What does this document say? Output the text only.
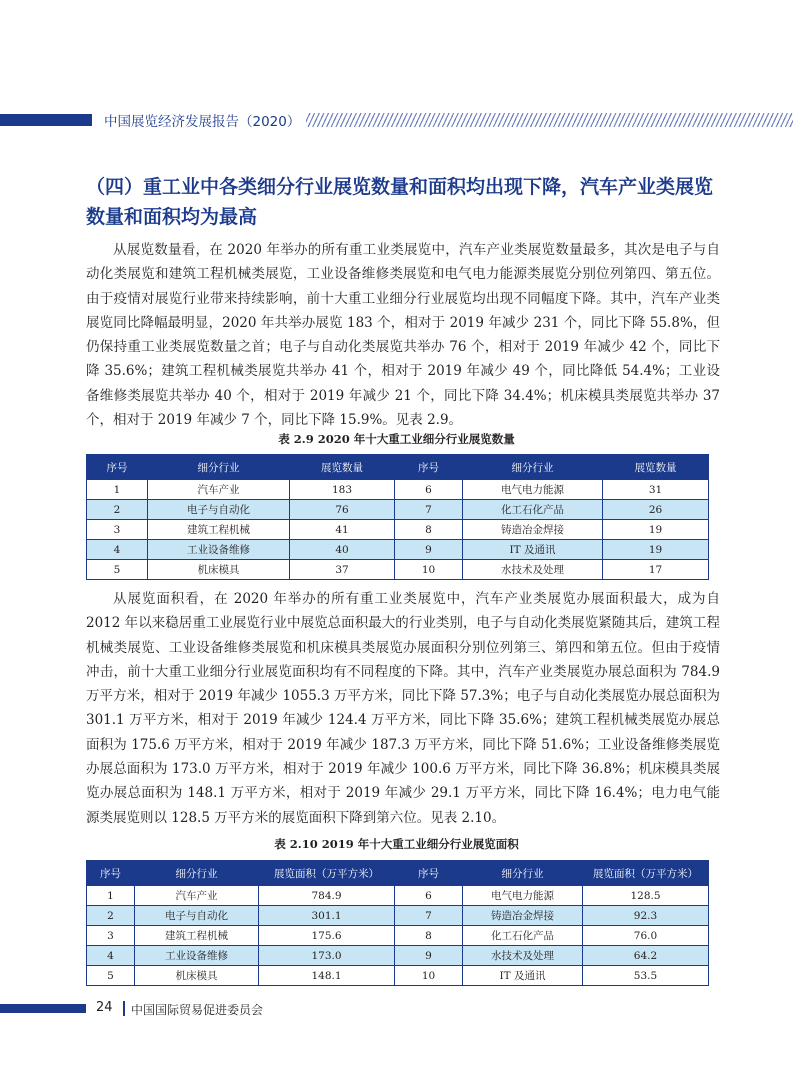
中国展览经济发展报告（2020）
（四）重工业中各类细分行业展览数量和面积均出现下降，汽车产业类展览数量和面积均为最高

从展览数量看，在 2020 年举办的所有重工业类展览中，汽车产业类展览数量最多，其次是电子与自动化类展览和建筑工程机械类展览，工业设备维修类展览和电气电力能源类展览分别位列第四、第五位。由于疫情对展览行业带来持续影响，前十大重工业细分行业展览均出现不同幅度下降。其中，汽车产业类展览同比降幅最明显，2020 年共举办展览 183 个，相对于 2019 年减少 231 个，同比下降 55.8%，但仍保持重工业类展览数量之首；电子与自动化类展览共举办 76 个，相对于 2019 年减少 42 个，同比下降 35.6%；建筑工程机械类展览共举办 41 个，相对于 2019 年减少 49 个，同比降低 54.4%；工业设备维修类展览共举办 40 个，相对于 2019 年减少 21 个，同比下降 34.4%；机床模具类展览共举办 37 个，相对于 2019 年减少 7 个，同比下降 15.9%。见表 2.9。

表 2.9 2020 年十大重工业细分行业展览数量
序号	细分行业	展览数量	序号	细分行业	展览数量
1	汽车产业	183	6	电气电力能源	31
2	电子与自动化	76	7	化工石化产品	26
3	建筑工程机械	41	8	铸造冶金焊接	19
4	工业设备维修	40	9	IT 及通讯	19
5	机床模具	37	10	水技术及处理	17

从展览面积看，在 2020 年举办的所有重工业类展览中，汽车产业类展览办展面积最大，成为自 2012 年以来稳居重工业展览行业中展览总面积最大的行业类别，电子与自动化类展览紧随其后，建筑工程机械类展览、工业设备维修类展览和机床模具类展览办展面积分别位列第三、第四和第五位。但由于疫情冲击，前十大重工业细分行业展览面积均有不同程度的下降。其中，汽车产业类展览办展总面积为 784.9 万平方米，相对于 2019 年减少 1055.3 万平方米，同比下降 57.3%；电子与自动化类展览办展总面积为 301.1 万平方米，相对于 2019 年减少 124.4 万平方米，同比下降 35.6%；建筑工程机械类展览办展总面积为 175.6 万平方米，相对于 2019 年减少 187.3 万平方米，同比下降 51.6%；工业设备维修类展览办展总面积为 173.0 万平方米，相对于 2019 年减少 100.6 万平方米，同比下降 36.8%；机床模具类展览办展总面积为 148.1 万平方米，相对于 2019 年减少 29.1 万平方米，同比下降 16.4%；电力电气能源类展览则以 128.5 万平方米的展览面积下降到第六位。见表 2.10。

表 2.10 2019 年十大重工业细分行业展览面积
序号	细分行业	展览面积（万平方米）	序号	细分行业	展览面积（万平方米）
1	汽车产业	784.9	6	电气电力能源	128.5
2	电子与自动化	301.1	7	铸造冶金焊接	92.3
3	建筑工程机械	175.6	8	化工石化产品	76.0
4	工业设备维修	173.0	9	水技术及处理	64.2
5	机床模具	148.1	10	IT 及通讯	53.5
24 中国国际贸易促进委员会
